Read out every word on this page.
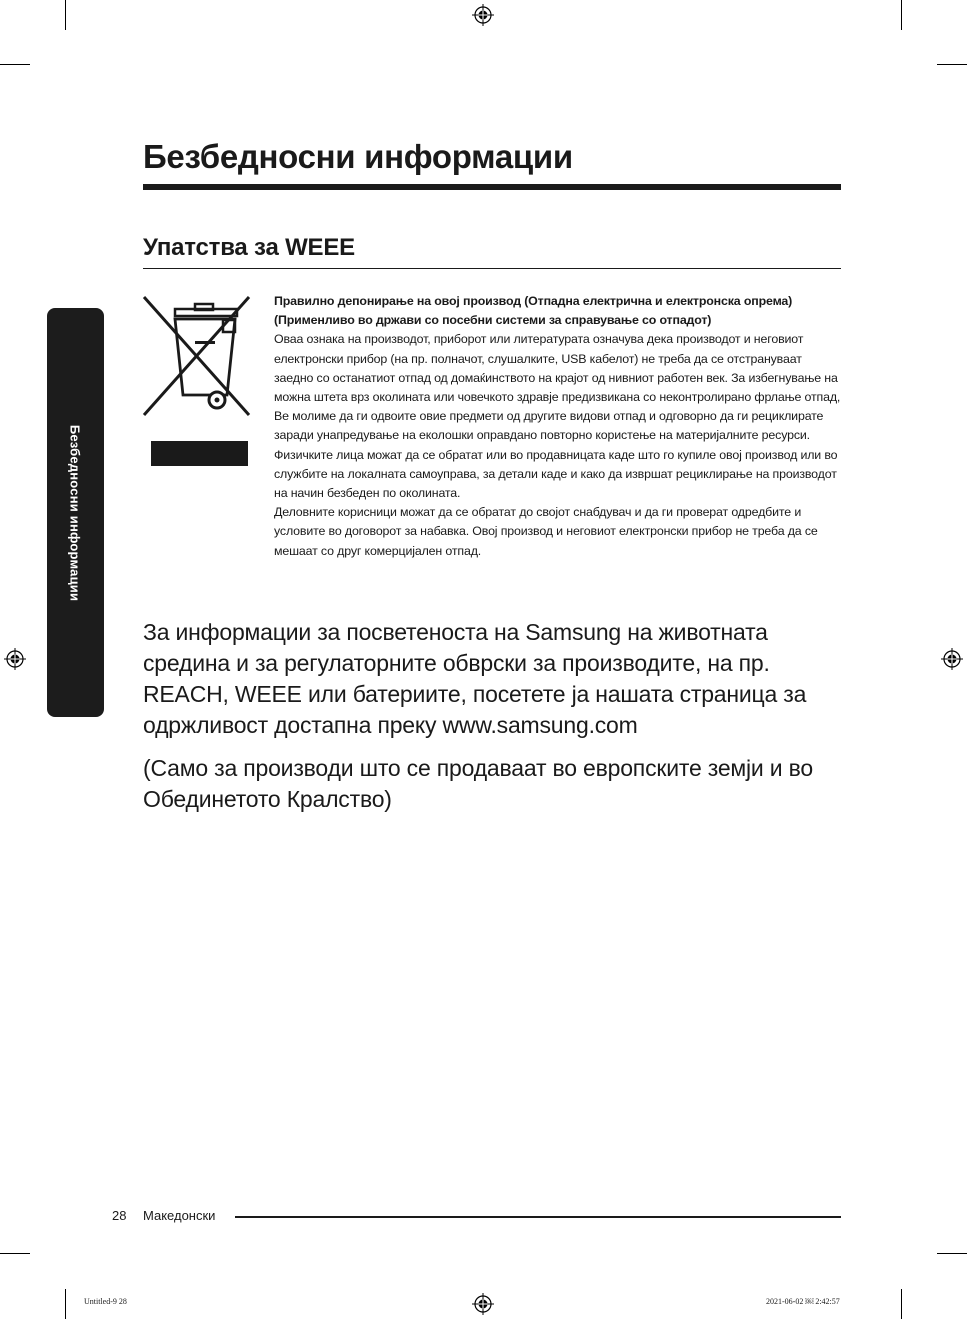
Безбедносни информации
Безбедносни информации
Упатства за WEEE

Правилно депонирање на овој производ (Отпадна електрична и електронска опрема)

(Применливо во држави со посебни системи за справување со отпадот)

Оваа ознака на производот, приборот или литературата означува дека производот и неговиот електронски прибор (на пр. полначот, слушалките, USB кабелот) не треба да се отстрануваат заедно со останатиот отпад од домаќинството на крајот од нивниот работен век. За избегнување на можна штета врз околината или човечкото здравје предизвикана со неконтролирано фрлање отпад, Ве молиме да ги одвоите овие предмети од другите видови отпад и одговорно да ги рециклирате заради унапредување на еколошки оправдано повторно користење на материјалните ресурси.

Физичките лица можат да се обратат или во продавницата каде што го купиле овој производ или во службите на локалната самоуправа, за детали каде и како да извршат рециклирање на производот на начин безбеден по околината.

Деловните корисници можат да се обратат до својот снабдувач и да ги проверат одредбите и условите во договорот за набавка. Овој производ и неговиот електронски прибор не треба да се мешаат со друг комерцијален отпад.

За информации за посветеноста на Samsung на животната средина и за регулаторните обврски за производите, на пр. REACH, WEEE или батериите, посетете ја нашата страница за одржливост достапна преку www.samsung.com

(Само за производи што се продаваат во европските земји и во Обединетото Кралство)

28 Македонски
Untitled-9 28	2021-06-02 ￼ 2:42:57
